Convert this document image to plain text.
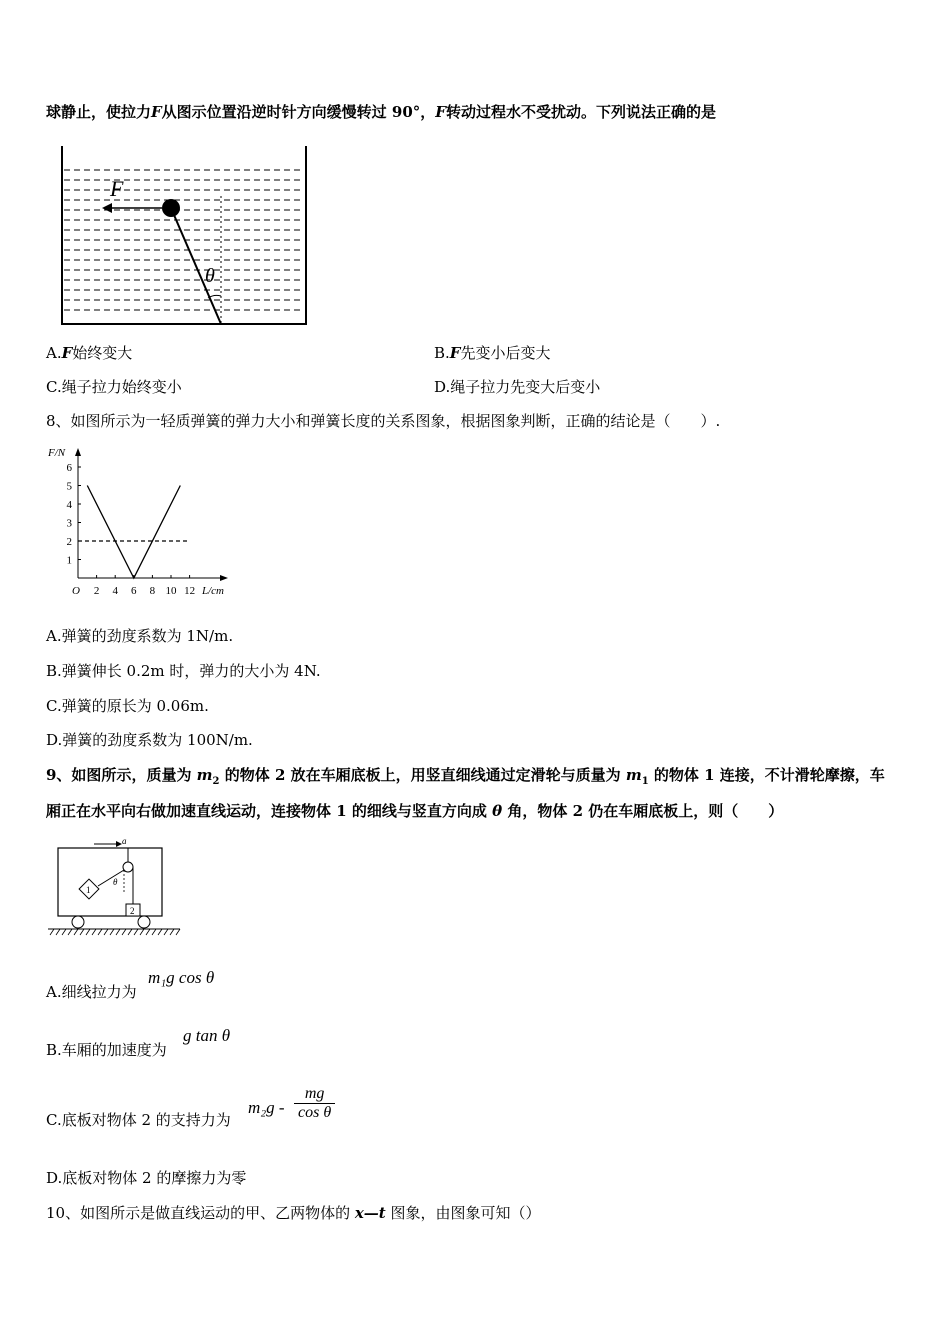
球静止，使拉力F从图示位置沿逆时针方向缓慢转过 90°，F转动过程水不受扰动。下列说法正确的是
F
θ
A.F始终变大	B.F先变小后变大
C.绳子拉力始终变小	D.绳子拉力先变大后变小
8、如图所示为一轻质弹簧的弹力大小和弹簧长度的关系图象，根据图象判断，正确的结论是（　　）.
2 4 6 8 10 12
1
2
3
4
5
6
F/N
L/cm
O
A.弹簧的劲度系数为 1N/m.
B.弹簧伸长 0.2m 时，弹力的大小为 4N.
C.弹簧的原长为 0.06m.
D.弹簧的劲度系数为 100N/m.
9、如图所示，质量为 $m_2$ 的物体 2 放在车厢底板上，用竖直细线通过定滑轮与质量为 $m_1$ 的物体 1 连接，不计滑轮摩擦，车
厢正在水平向右做加速直线运动，连接物体 1 的细线与竖直方向成 θ 角，物体 2 仍在车厢底板上，则（　　）
a
1
θ
2
A.细线拉力为
m₁g cos θ
B.车厢的加速度为
g tan θ
C.底板对物体 2 的支持力为
$m_2g - \frac{mg}{\text{cos θ}}$
D.底板对物体 2 的摩擦力为零
10、如图所示是做直线运动的甲、乙两物体的 x—t 图象，由图象可知（）
